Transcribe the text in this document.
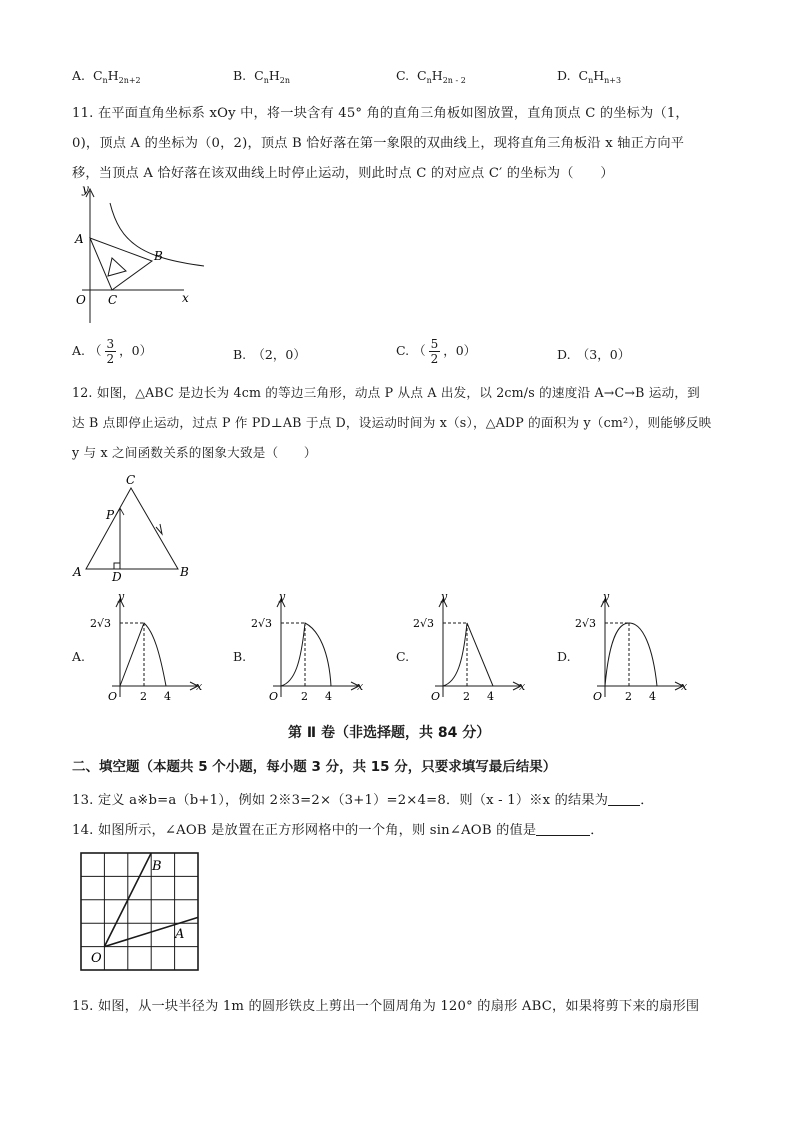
A. $C_nH_{2n+2}$	B. $C_nH_{2n}$	C. $C_nH_{2n - 2}$	D. $C_nH_{n+3}$
11. 在平面直角坐标系 xOy 中，将一块含有 45° 角的直角三角板如图放置，直角顶点 C 的坐标为（1，
0)，顶点 A 的坐标为（0，2)，顶点 B 恰好落在第一象限的双曲线上，现将直角三角板沿 x 轴正方向平
移，当顶点 A 恰好落在该双曲线上时停止运动，则此时点 C 的对应点 C′ 的坐标为（　　）
y
A
B
C
O	x
A. （ $\frac{3}{2}$ ，0）	B.　（2，0）	C. （ $\frac{5}{2}$ ，0）	D.　（3，0）
12. 如图，△ABC 是边长为 4cm 的等边三角形，动点 P 从点 A 出发，以 2cm/s 的速度沿 A→C→B 运动，到
达 B 点即停止运动，过点 P 作 PD⊥AB 于点 D，设运动时间为 x（s），△ADP 的面积为 y（cm²），则能够反映
y 与 x 之间函数关系的图象大致是（　　）
C
P
A	D	B
A.	B.	C.	D.
y
2√3
O 2 4
x
y
2√3
O 2 4
x
y
2√3
O 2 4
x
y
2√3
O 2 4
x
第 Ⅱ 卷（非选择题，共 84 分）
二、填空题（本题共 5 个小题，每小题 3 分，共 15 分，只要求填写最后结果）
13. 定义 a※b=a（b+1），例如 2※3=2×（3+1）=2×4=8．则（x - 1）※x 的结果为 ．
14. 如图所示，∠AOB 是放置在正方形网格中的一个角，则 sin∠AOB 的值是	．
B
A
O
15. 如图，从一块半径为 1m 的圆形铁皮上剪出一个圆周角为 120° 的扇形 ABC，如果将剪下来的扇形围
